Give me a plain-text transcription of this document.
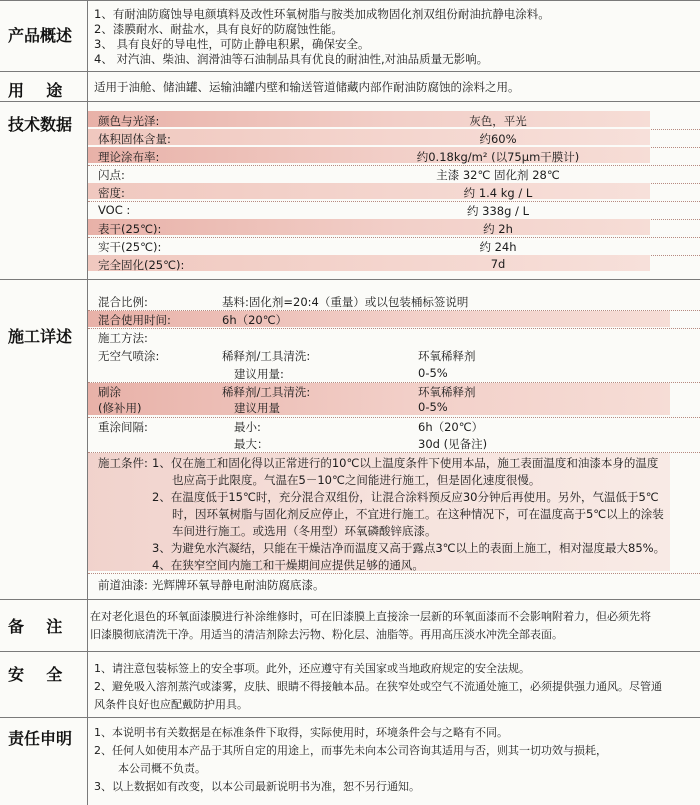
产品概述
1、有耐油防腐蚀导电颜填料及改性环氧树脂与胺类加成物固化剂双组份耐油抗静电涂料。
2、漆膜耐水、耐盐水，具有良好的防腐蚀性能。
3、 具有良好的导电性，可防止静电积累，确保安全。
4、 对汽油、柴油、润滑油等石油制品具有优良的耐油性,对油品质量无影响。
用    途	适用于油舱、储油罐、运输油罐内壁和输送管道储藏内部作耐油防腐蚀的涂料之用。
技术数据 颜色与光泽:	灰色，平光
体积固体含量:	约60%
理论涂布率:	约0.18kg/m² (以75μm干膜计)
闪点:	主漆 32℃ 固化剂 28℃
密度:	约 1.4 kg / L
VOC :	约 338g / L
表干(25℃):	约 2h
实干(25℃):	约 24h
完全固化(25℃):	7d
施工详述
混合比例:	基料:固化剂=20:4（重量）或以包装桶标签说明
混合使用时间:	6h（20℃）
施工方法:
无空气喷涂:	稀释剂/工具清洗:	环氧稀释剂
建议用量:	0-5%
刷涂
(修补用)
稀释剂/工具清洗:	环氧稀释剂
建议用量	0-5%
重涂间隔:	最小:	6h（20℃）
最大：	30d (见备注)
施工条件: 1、仅在施工和固化得以正常进行的10℃以上温度条件下使用本品，施工表面温度和油漆本身的温度
也应高于此限度。气温在5－10℃之间能进行施工，但是固化速度很慢。
2、在温度低于15℃时，充分混合双组份，让混合涂料预反应30分钟后再使用。另外，气温低于5℃
时，因环氧树脂与固化剂反应停止，不宜进行施工。在这种情况下，可在温度高于5℃以上的涂装
车间进行施工。或选用（冬用型）环氧磷酸锌底漆。
3、为避免水汽凝结，只能在干燥洁净而温度又高于露点3℃以上的表面上施工，相对湿度最大85%。
4、在狭窄空间内施工和干燥期间应提供足够的通风。
前道油漆: 光辉牌环氧导静电耐油防腐底漆。
备    注
在对老化退色的环氧面漆膜进行补涂维修时，可在旧漆膜上直接涂一层新的环氧面漆而不会影响附着力，但必须先将
旧漆膜彻底清洗干净。用适当的清洁剂除去污物、粉化层、油脂等。再用高压淡水冲洗全部表面。
安    全	1、请注意包装标签上的安全事项。此外，还应遵守有关国家或当地政府规定的安全法规。
2、避免吸入溶剂蒸汽或漆雾，皮肤、眼睛不得接触本品。在狭窄处或空气不流通处施工，必须提供强力通风。尽管通
风条件良好也应配戴防护用具。
责任申明 1、本说明书有关数据是在标准条件下取得，实际使用时，环境条件会与之略有不同。
2、任何人如使用本产品于其所自定的用途上，而事先未向本公司咨询其适用与否，则其一切功效与损耗，
本公司概不负责。
3、以上数据如有改变，以本公司最新说明书为准，恕不另行通知。
